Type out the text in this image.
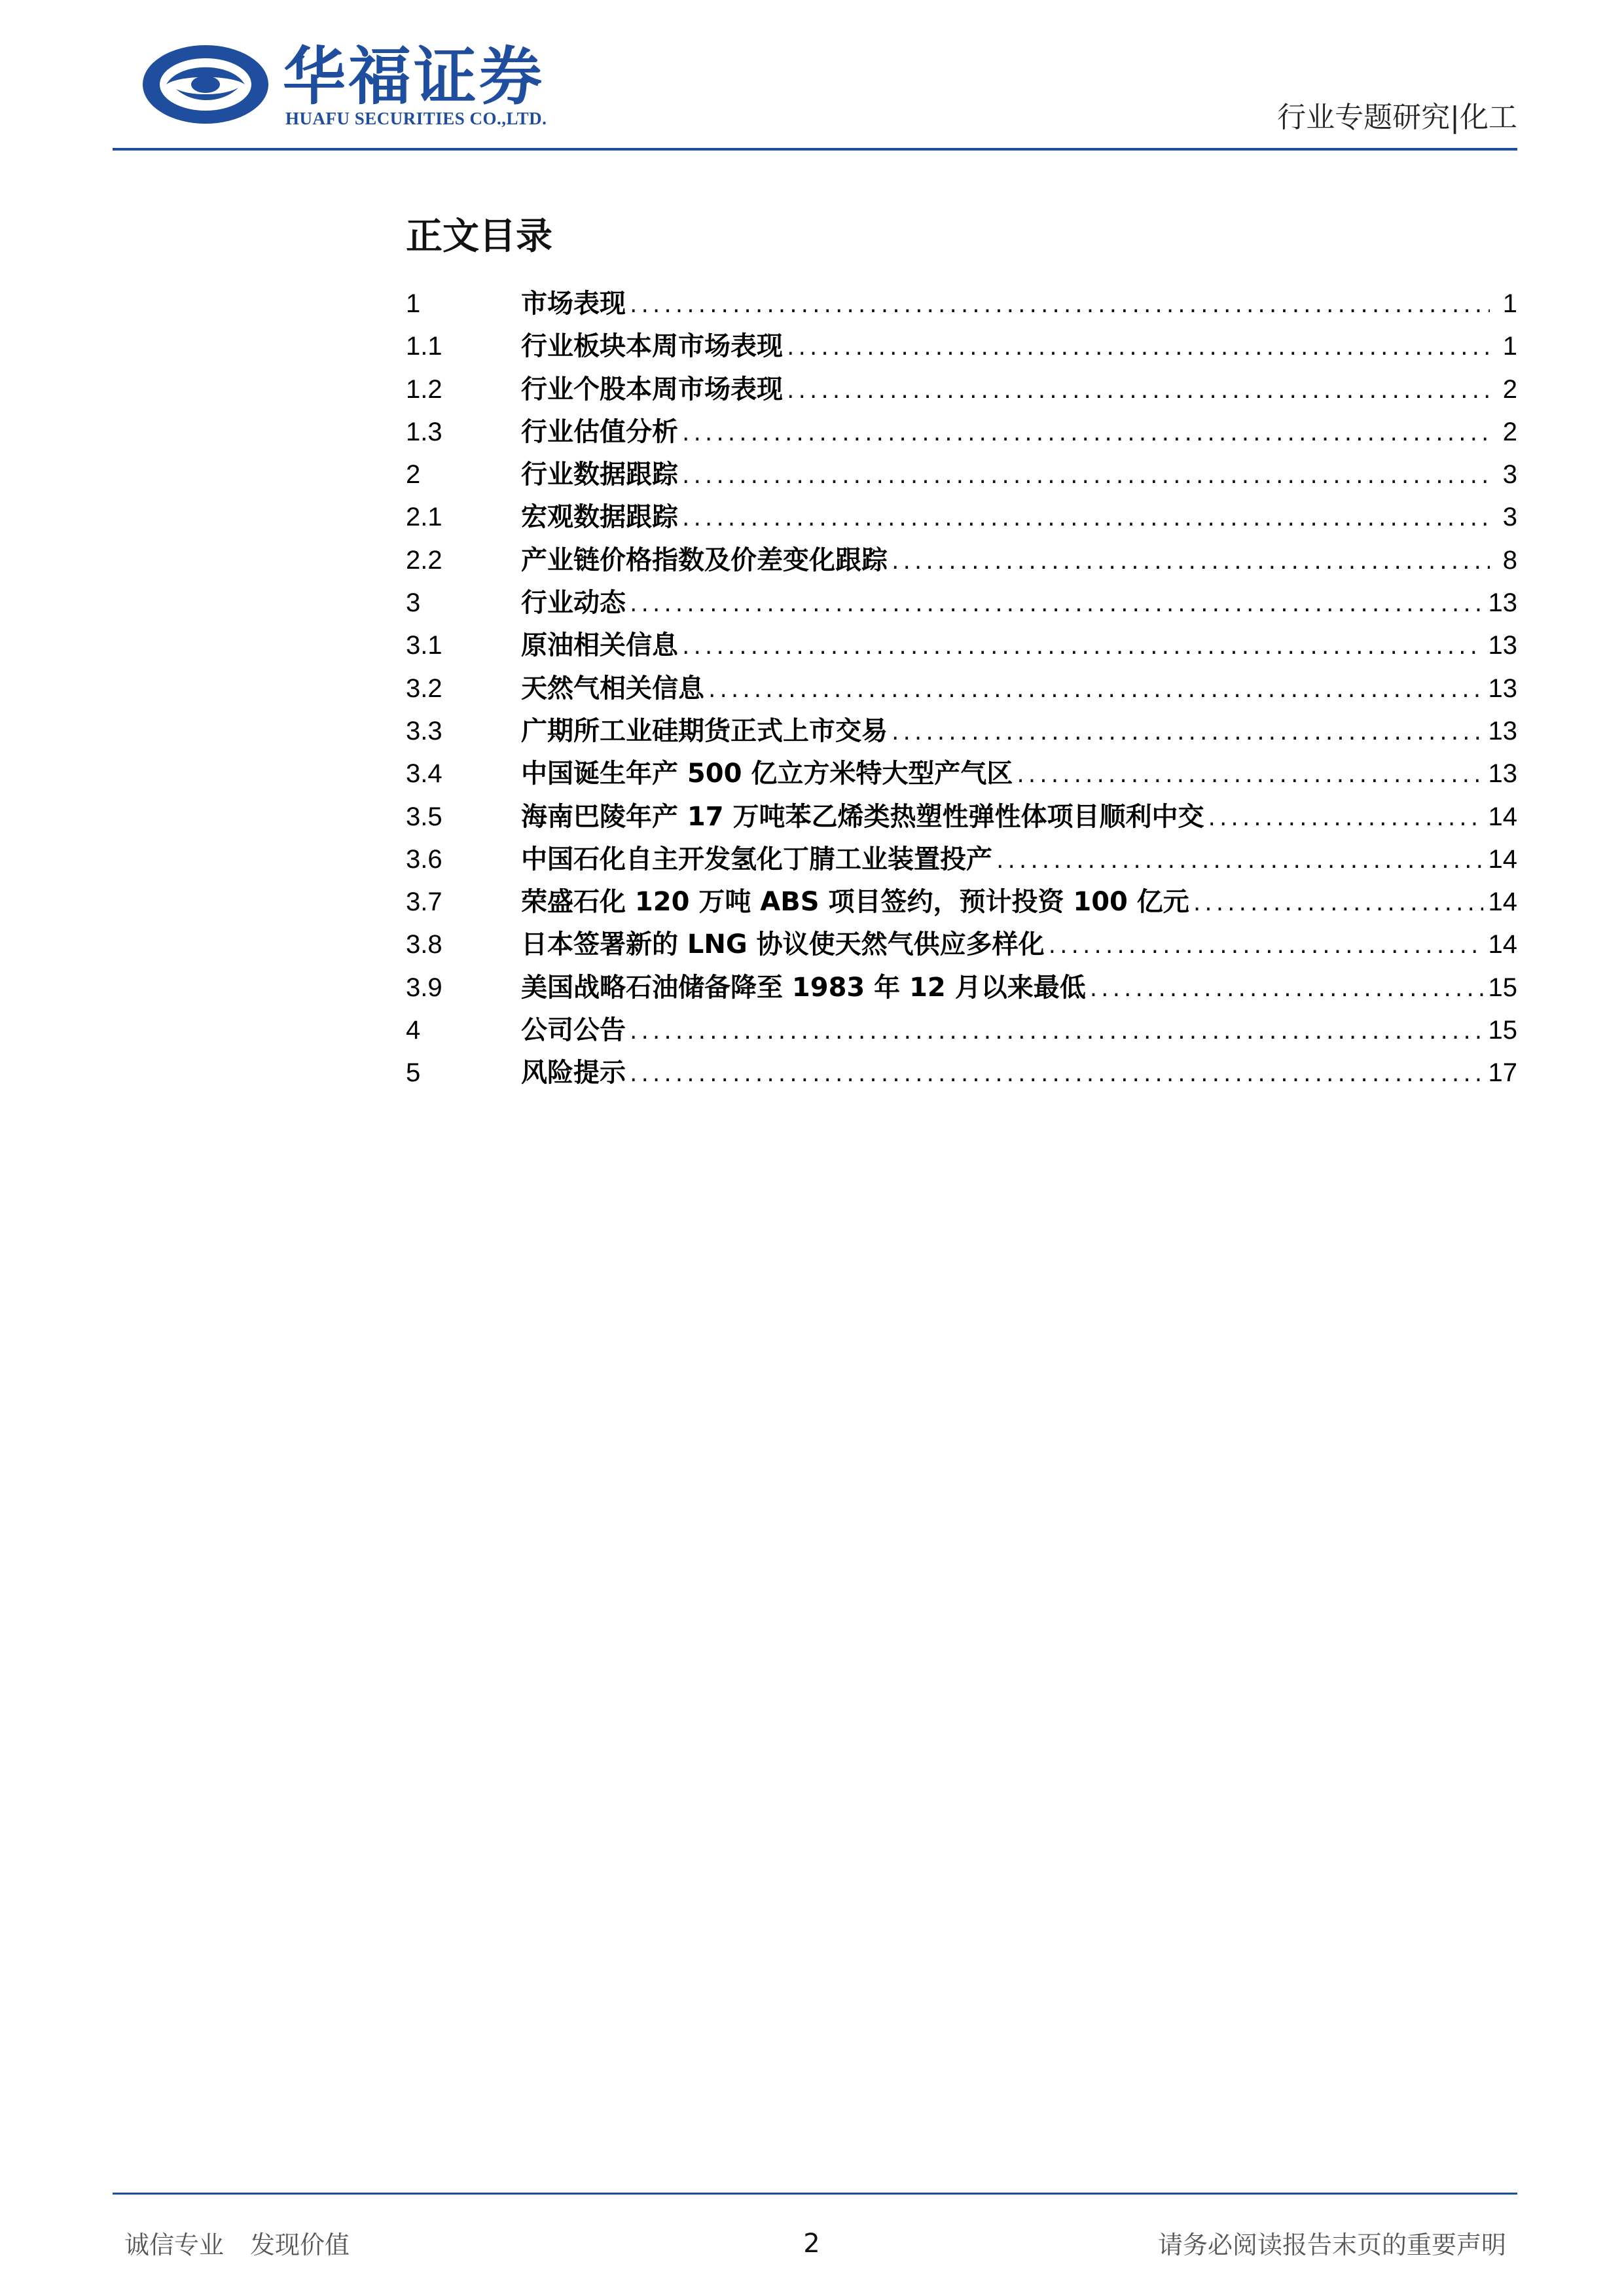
华福证券
HUAFU SECURITIES CO.,LTD.	行业专题研究|化工
正文目录
1	市场表现 .....	1
1.1	行业板块本周市场表现 .....	1
1.2	行业个股本周市场表现 .....	2
1.3	行业估值分析 .....	2
2	行业数据跟踪 .....	3
2.1	宏观数据跟踪 .....	3
2.2	产业链价格指数及价差变化跟踪 .....	8
3	行业动态 .....	13
3.1	原油相关信息 .....	13
3.2	天然气相关信息 .....	13
3.3	广期所工业硅期货正式上市交易 .....	13
3.4	中国诞生年产 500 亿立方米特大型产气区 .....	13
3.5	海南巴陵年产 17 万吨苯乙烯类热塑性弹性体项目顺利中交 .....	14
3.6	中国石化自主开发氢化丁腈工业装置投产 .....	14
3.7	荣盛石化 120 万吨 ABS 项目签约，预计投资 100 亿元 .....	14
3.8	日本签署新的 LNG 协议使天然气供应多样化 .....	14
3.9	美国战略石油储备降至 1983 年 12 月以来最低 .....	15
4	公司公告 .....	15
5	风险提示 .....	17
诚信专业 发现价值	2	请务必阅读报告末页的重要声明
